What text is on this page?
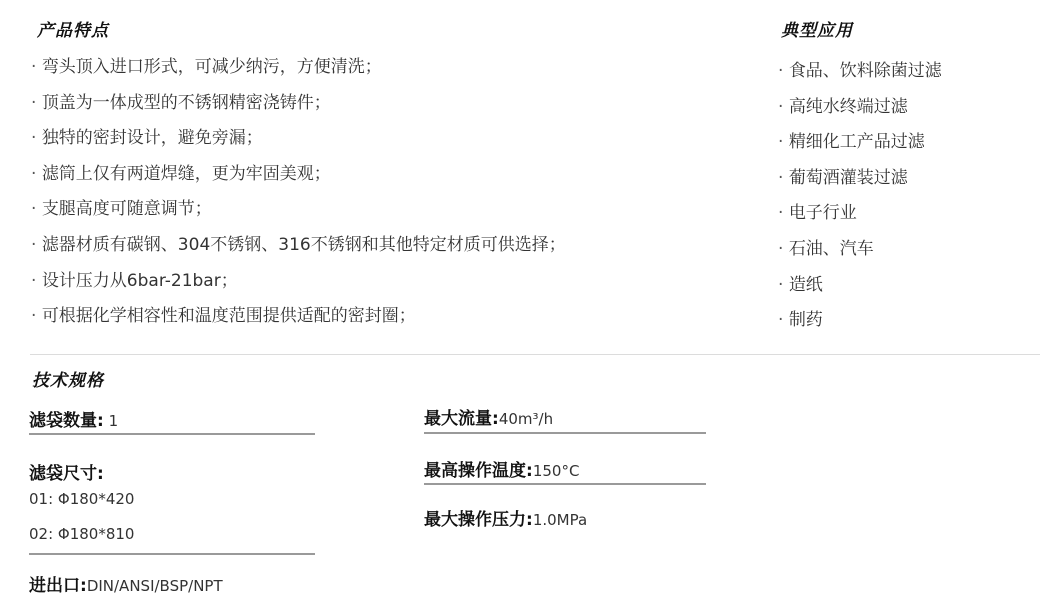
产品特点
· 弯头顶入进口形式，可减少纳污，方便清洗；
· 顶盖为一体成型的不锈钢精密浇铸件；
· 独特的密封设计，避免旁漏；
· 滤筒上仅有两道焊缝，更为牢固美观；
· 支腿高度可随意调节；
· 滤器材质有碳钢、304不锈钢、316不锈钢和其他特定材质可供选择；
· 设计压力从6bar-21bar；
· 可根据化学相容性和温度范围提供适配的密封圈；
典型应用
· 食品、饮料除菌过滤
· 高纯水终端过滤
· 精细化工产品过滤
· 葡萄酒灌装过滤
· 电子行业
· 石油、汽车
· 造纸
· 制药
技术规格
滤袋数量: 1
滤袋尺寸:
01: Φ180*420
02: Φ180*810
进出口:DIN/ANSI/BSP/NPT
最大流量:40m³/h
最高操作温度:150°C
最大操作压力:1.0MPa
